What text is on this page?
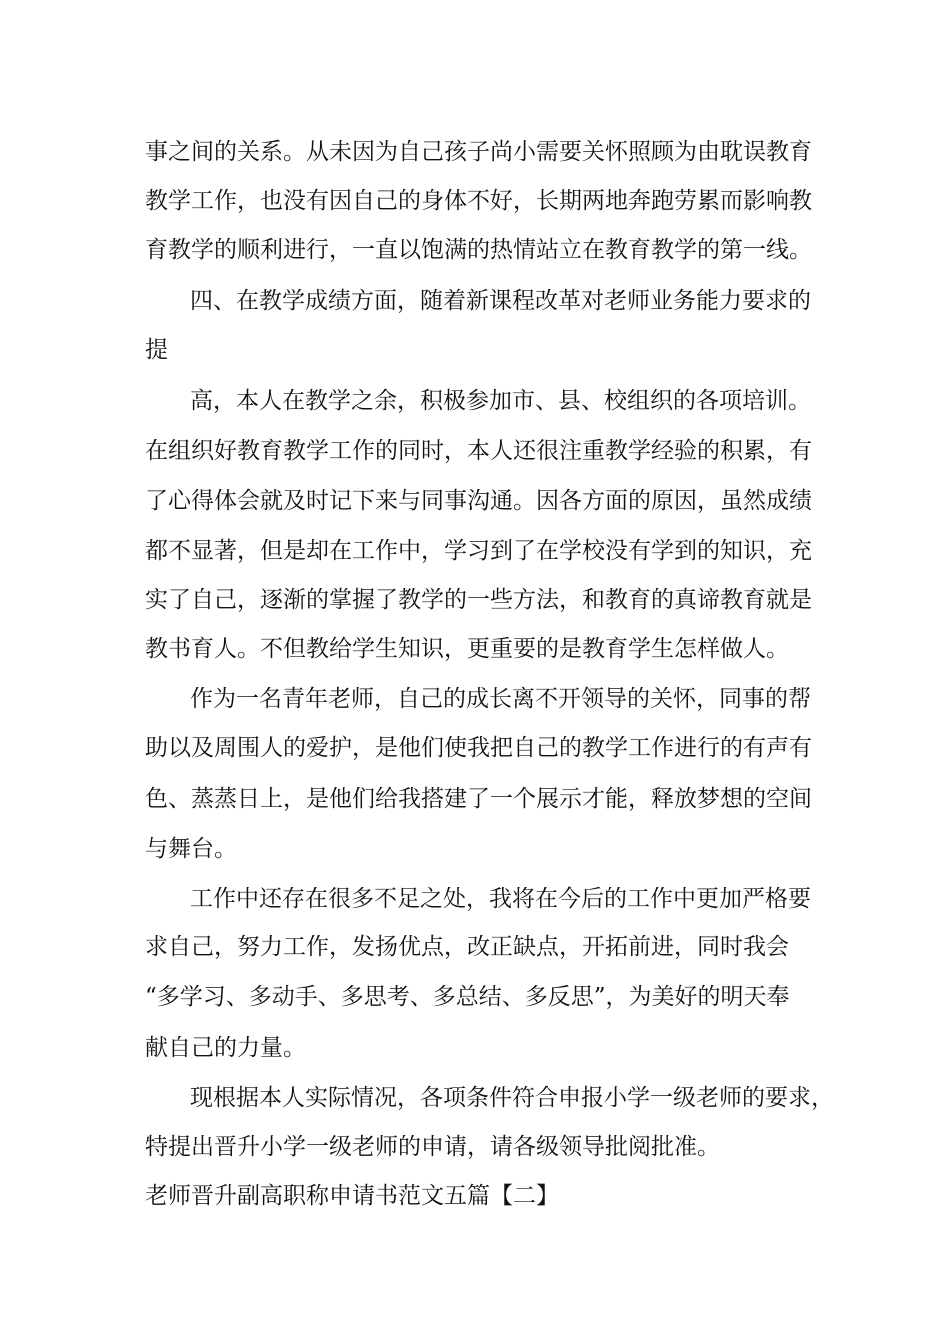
事之间的关系。从未因为自己孩子尚小需要关怀照顾为由耽误教育
教学工作，也没有因自己的身体不好，长期两地奔跑劳累而影响教
育教学的顺利进行，一直以饱满的热情站立在教育教学的第一线。
四、在教学成绩方面，随着新课程改革对老师业务能力要求的
提
高，本人在教学之余，积极参加市、县、校组织的各项培训。
在组织好教育教学工作的同时，本人还很注重教学经验的积累，有
了心得体会就及时记下来与同事沟通。因各方面的原因，虽然成绩
都不显著，但是却在工作中，学习到了在学校没有学到的知识，充
实了自己，逐渐的掌握了教学的一些方法，和教育的真谛教育就是
教书育人。不但教给学生知识，更重要的是教育学生怎样做人。
作为一名青年老师，自己的成长离不开领导的关怀，同事的帮
助以及周围人的爱护，是他们使我把自己的教学工作进行的有声有
色、蒸蒸日上，是他们给我搭建了一个展示才能，释放梦想的空间
与舞台。
工作中还存在很多不足之处，我将在今后的工作中更加严格要
求自己，努力工作，发扬优点，改正缺点，开拓前进，同时我会
“多学习、多动手、多思考、多总结、多反思”，为美好的明天奉
献自己的力量。
现根据本人实际情况，各项条件符合申报小学一级老师的要求，
特提出晋升小学一级老师的申请，请各级领导批阅批准。
老师晋升副高职称申请书范文五篇【二】
